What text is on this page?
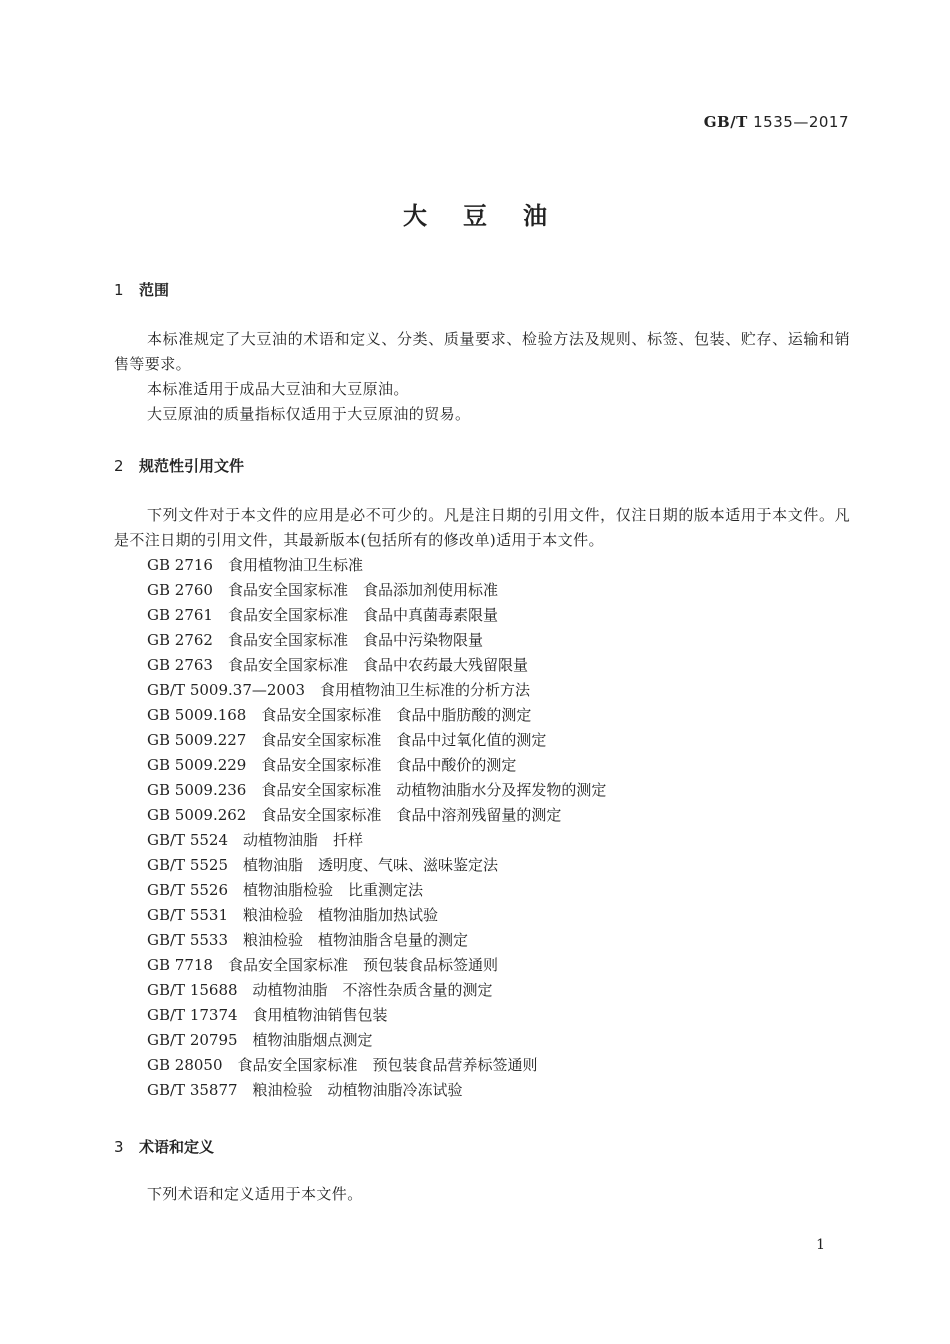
GB/T 1535—2017
大豆油
1 范围
本标准规定了大豆油的术语和定义、分类、质量要求、检验方法及规则、标签、包装、贮存、运输和销售等要求。
本标准适用于成品大豆油和大豆原油。
大豆原油的质量指标仅适用于大豆原油的贸易。
2 规范性引用文件
下列文件对于本文件的应用是必不可少的。凡是注日期的引用文件，仅注日期的版本适用于本文件。凡是不注日期的引用文件，其最新版本(包括所有的修改单)适用于本文件。
GB 2716　食用植物油卫生标准
GB 2760　食品安全国家标准　食品添加剂使用标准
GB 2761　食品安全国家标准　食品中真菌毒素限量
GB 2762　食品安全国家标准　食品中污染物限量
GB 2763　食品安全国家标准　食品中农药最大残留限量
GB/T 5009.37—2003　食用植物油卫生标准的分析方法
GB 5009.168　食品安全国家标准　食品中脂肪酸的测定
GB 5009.227　食品安全国家标准　食品中过氧化值的测定
GB 5009.229　食品安全国家标准　食品中酸价的测定
GB 5009.236　食品安全国家标准　动植物油脂水分及挥发物的测定
GB 5009.262　食品安全国家标准　食品中溶剂残留量的测定
GB/T 5524　动植物油脂　扦样
GB/T 5525　植物油脂　透明度、气味、滋味鉴定法
GB/T 5526　植物油脂检验　比重测定法
GB/T 5531　粮油检验　植物油脂加热试验
GB/T 5533　粮油检验　植物油脂含皂量的测定
GB 7718　食品安全国家标准　预包装食品标签通则
GB/T 15688　动植物油脂　不溶性杂质含量的测定
GB/T 17374　食用植物油销售包装
GB/T 20795　植物油脂烟点测定
GB 28050　食品安全国家标准　预包装食品营养标签通则
GB/T 35877　粮油检验　动植物油脂冷冻试验
3 术语和定义
下列术语和定义适用于本文件。
1
